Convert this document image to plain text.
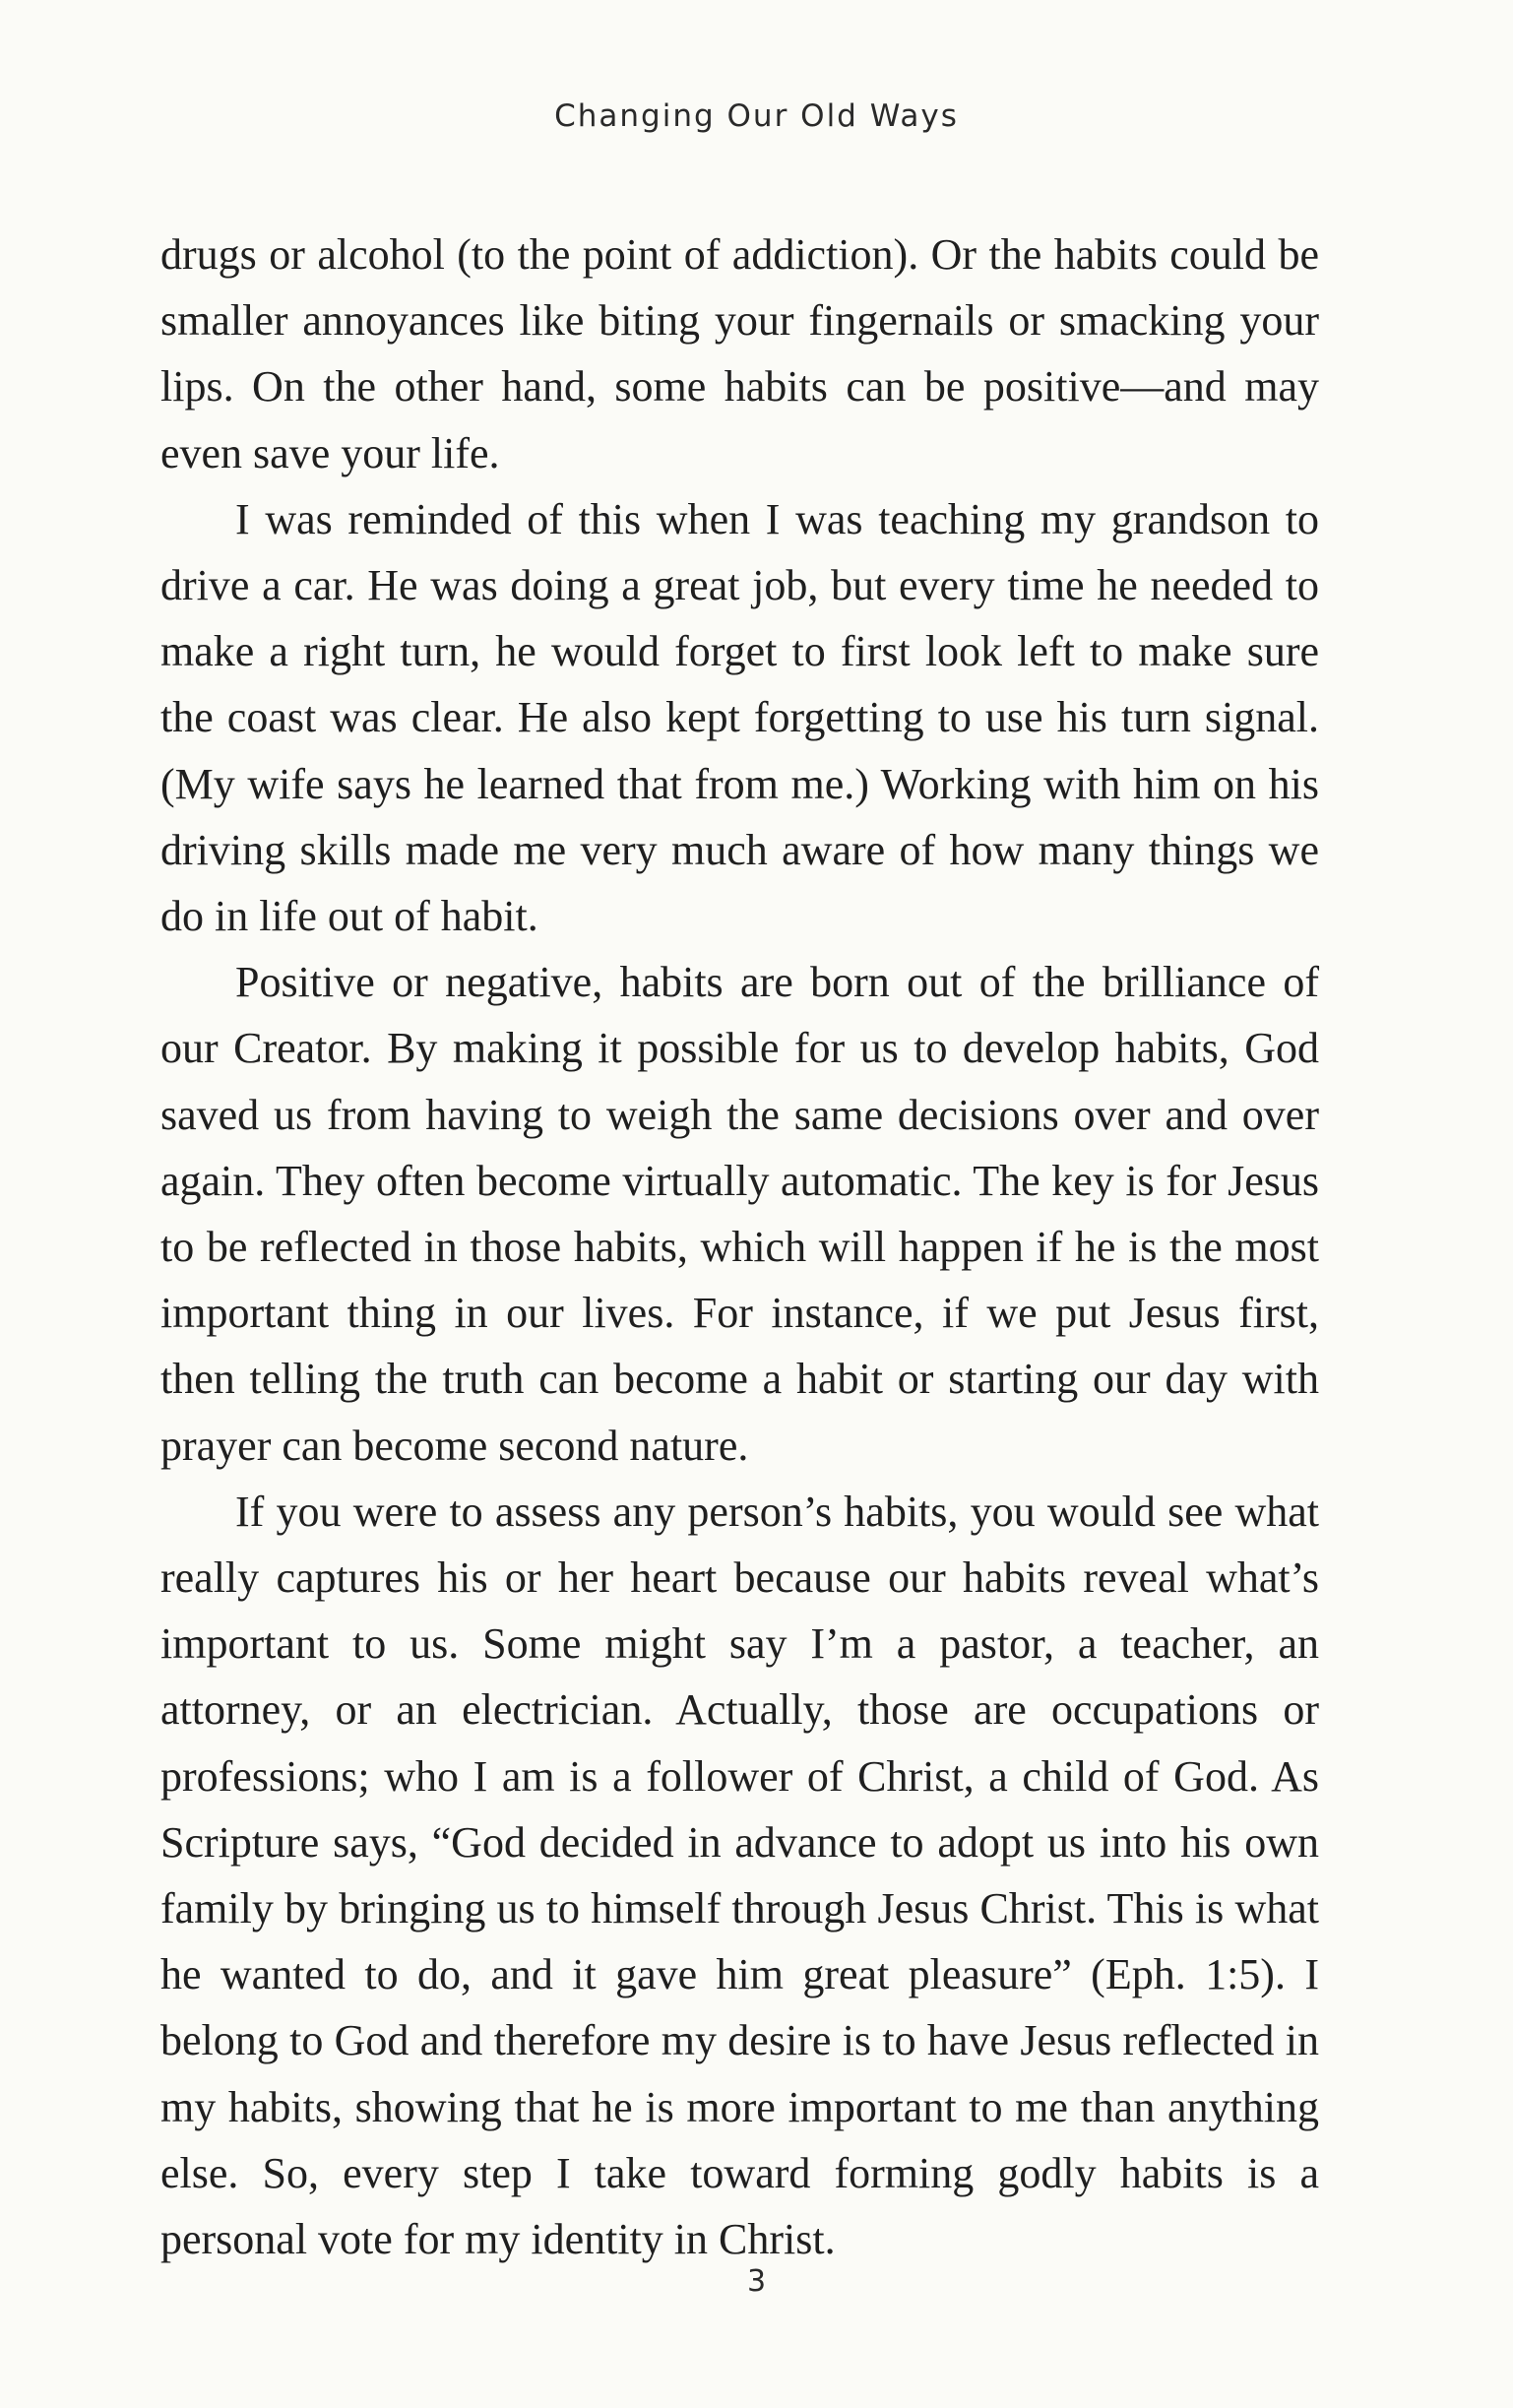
Changing Our Old Ways

drugs or alcohol (to the point of addiction). Or the habits could be smaller annoyances like biting your fingernails or smacking your lips. On the other hand, some habits can be positive—and may even save your life.

I was reminded of this when I was teaching my grandson to drive a car. He was doing a great job, but every time he needed to make a right turn, he would forget to first look left to make sure the coast was clear. He also kept forgetting to use his turn signal. (My wife says he learned that from me.) Working with him on his driving skills made me very much aware of how many things we do in life out of habit.

Positive or negative, habits are born out of the brilliance of our Creator. By making it possible for us to develop habits, God saved us from having to weigh the same decisions over and over again. They often become virtually automatic. The key is for Jesus to be reflected in those habits, which will happen if he is the most important thing in our lives. For instance, if we put Jesus first, then telling the truth can become a habit or starting our day with prayer can become second nature.

If you were to assess any person’s habits, you would see what really captures his or her heart because our habits reveal what’s important to us. Some might say I’m a pastor, a teacher, an attorney, or an electrician. Actually, those are occupations or professions; who I am is a follower of Christ, a child of God. As Scripture says, “God decided in advance to adopt us into his own family by bringing us to himself through Jesus Christ. This is what he wanted to do, and it gave him great pleasure” (Eph. 1:5). I belong to God and therefore my desire is to have Jesus reflected in my habits, showing that he is more important to me than anything else. So, every step I take toward forming godly habits is a personal vote for my identity in Christ.

3
